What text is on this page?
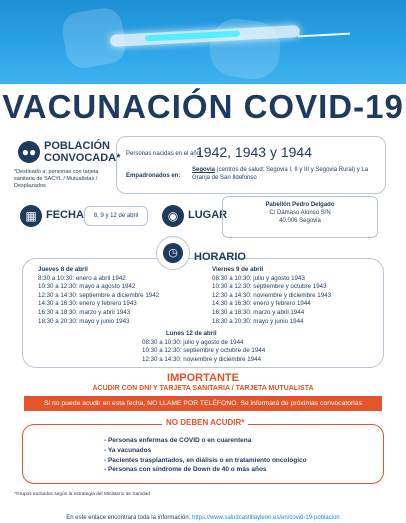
VACUNACIÓN COVID-19
●● POBLACIÓN
CONVOCADA*
*Destinado a: personas con tarjeta sanitaria de SACYL / Mutualistas / Desplazados
Personas nacidas en el año:
1942, 1943 y 1944
Empadronados en:
Segovia (centros de salud: Segovia I, II y III y Segovia Rural) y La Granja de San Ildefonso
▦ FECHA	8, 9 y 12 de abril	◉ LUGAR
Pabellón Pedro Delgado
C/ Dámaso Alonso S/N
40.006 Segovia
◷	HORARIO
Jueves 8 de abril
8:30 a 10:30: enero a abril 1942
10:30 a 12:30: mayo a agosto 1942
12:30 a 14:30: septiembre a diciembre 1942
14:30 a 16:30: enero y febrero 1943
16:30 a 18:30: marzo y abril 1943
18:30 a 20:30: mayo y junio 1943
Viernes 9 de abril
08:30 a 10:30: julio y agosto 1943
10:30 a 12:30: septiembre y octubre 1943
12:30 a 14:30: noviembre y diciembre 1943
14:30 a 16:30: enero y febrero 1944
16:30 a 18:30: marzo y abril 1944
18:30 a 20:30: mayo y junio 1944
Lunes 12 de abril
08:30 a 10:30: julio y agosto de 1944
10:30 a 12:30: septiembre y octubre de 1944
12:30 a 14:30: noviembre y diciembre 1944
IMPORTANTE
ACUDIR CON DNI Y TARJETA SANITARIA / TARJETA MUTUALISTA
Si no puede acudir en esta fecha, NO LLAME POR TELÉFONO. Se informará de próximas convocatorias
NO DEBEN ACUDIR*
- Personas enfermas de COVID o en cuarentena
- Ya vacunados
- Pacientes trasplantados, en diálisis o en tratamiento oncológico
- Personas con síndrome de Down de 40 o más años
*Grupos excluidos según la estrategia del Ministerio de Sanidad
En este enlace encontrará toda la información: https://www.saludcastillayleon.es/en/covid-19-poblacion
